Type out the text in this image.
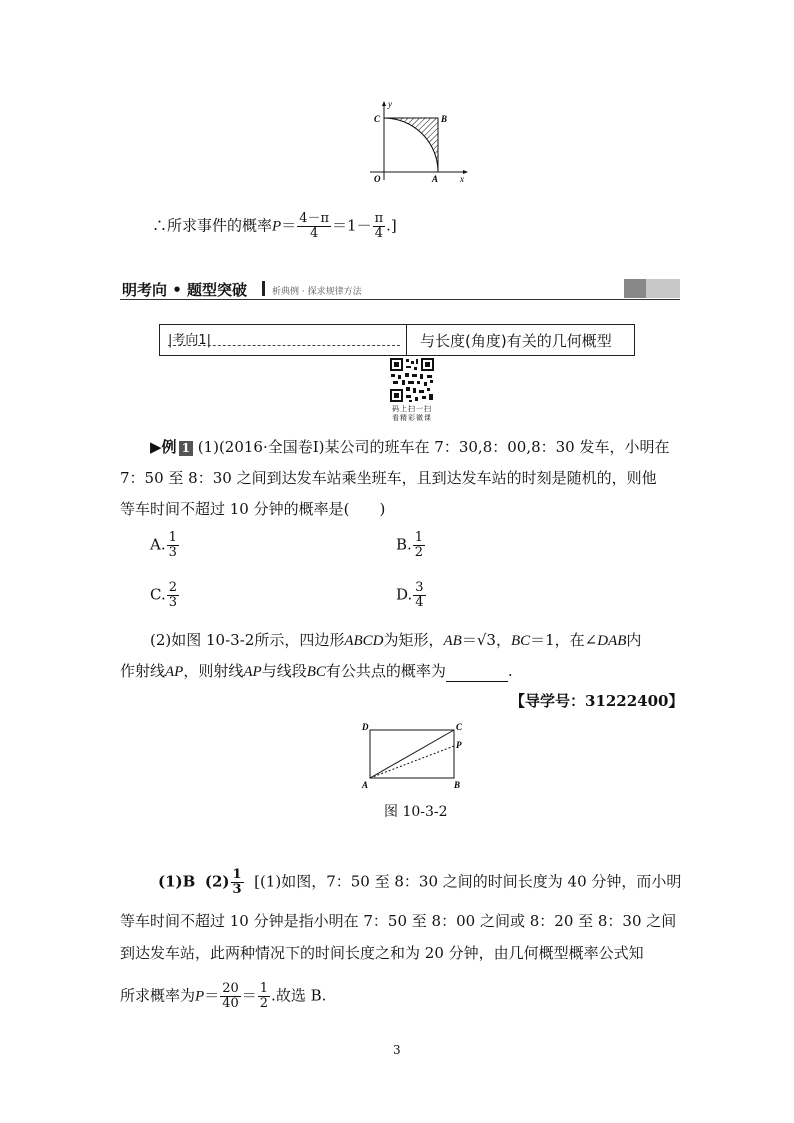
y
x
C	B
O	A
∴所求事件的概率$P= \frac{4-\pi}{4} =1- \frac{\pi}{4}$ .]
明考向 • 题型突破	析典例 · 探求规律方法
|考向1|	与长度(角度)有关的几何概型
码上扫一扫
看精彩微课
▶例 1 (1)(2016·全国卷Ⅰ)某公司的班车在 7：30,8：00,8：30 发车，小明在
7：50 至 8：30 之间到达发车站乘坐班车，且到达发车站的时刻是随机的，则他
等车时间不超过 10 分钟的概率是(　　)
A. $\frac{1}{3}$	B. $\frac{1}{2}$
C. $\frac{2}{3}$	D. $\frac{3}{4}$
(2)如图 10-3-2所示，四边形ABCD为矩形，AB＝√3，BC＝1，在∠DAB内
作射线AP，则射线AP与线段BC有公共点的概率为	.
【导学号：31222400】
D	C
P
A	B
图 10-3-2
(1)B $(2) \frac{1}{3} [(1)$如图，7：50 至 8：30 之间的时间长度为 40 分钟，而小明
等车时间不超过 10 分钟是指小明在 7：50 至 8：00 之间或 8：20 至 8：30 之间
到达发车站，此两种情况下的时间长度之和为 20 分钟，由几何概型概率公式知
所求概率为$P= \frac{20}{40} = \frac{1}{2}$ .故选 B.
3
